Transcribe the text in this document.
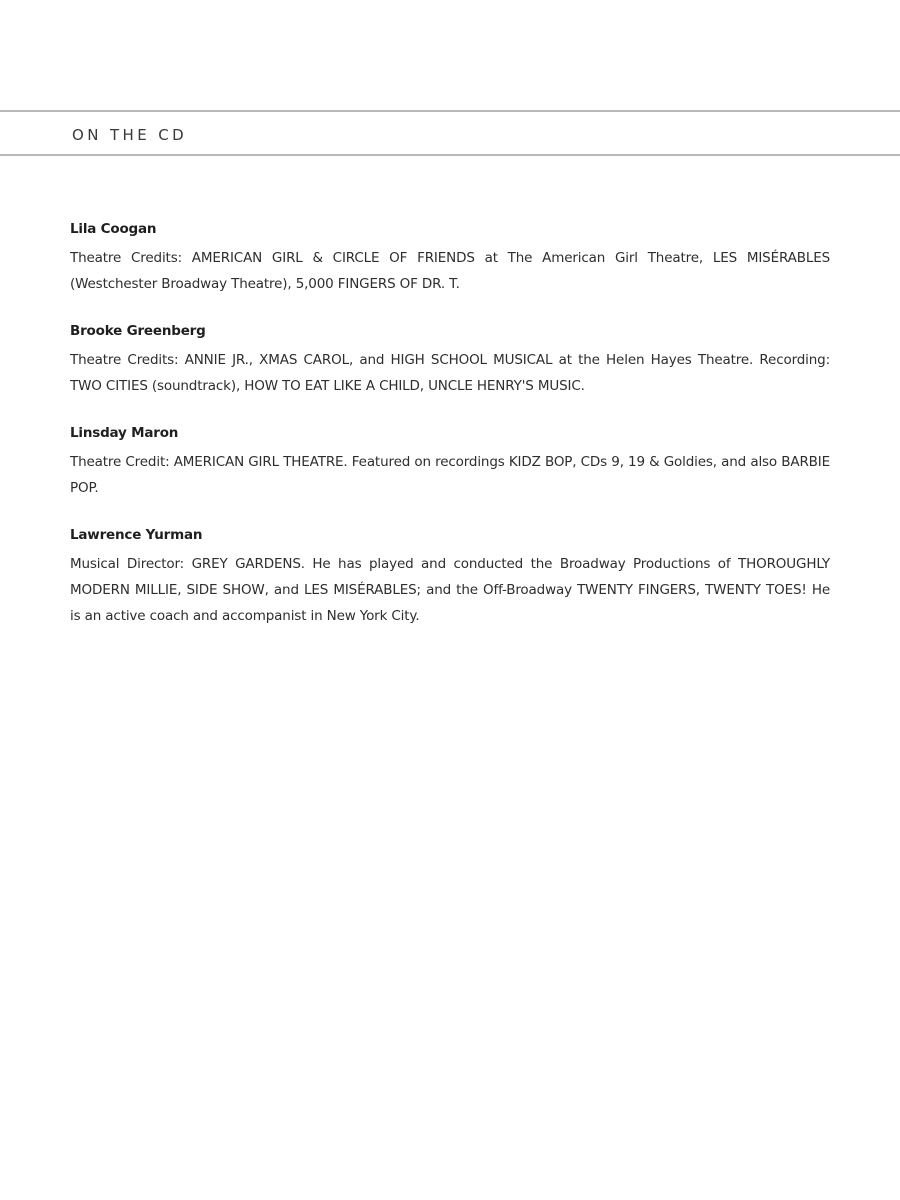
ON THE CD
Lila Coogan

Theatre Credits: AMERICAN GIRL & CIRCLE OF FRIENDS at The American Girl Theatre, LES MISÉRABLES (Westchester Broadway Theatre), 5,000 FINGERS OF DR. T.

Brooke Greenberg

Theatre Credits: ANNIE JR., XMAS CAROL, and HIGH SCHOOL MUSICAL at the Helen Hayes Theatre. Recording: TWO CITIES (soundtrack), HOW TO EAT LIKE A CHILD, UNCLE HENRY'S MUSIC.

Linsday Maron

Theatre Credit: AMERICAN GIRL THEATRE. Featured on recordings KIDZ BOP, CDs 9, 19 & Goldies, and also BARBIE POP.

Lawrence Yurman

Musical Director: GREY GARDENS. He has played and conducted the Broadway Productions of THOROUGHLY MODERN MILLIE, SIDE SHOW, and LES MISÉRABLES; and the Off-Broadway TWENTY FINGERS, TWENTY TOES! He is an active coach and accompanist in New York City.
